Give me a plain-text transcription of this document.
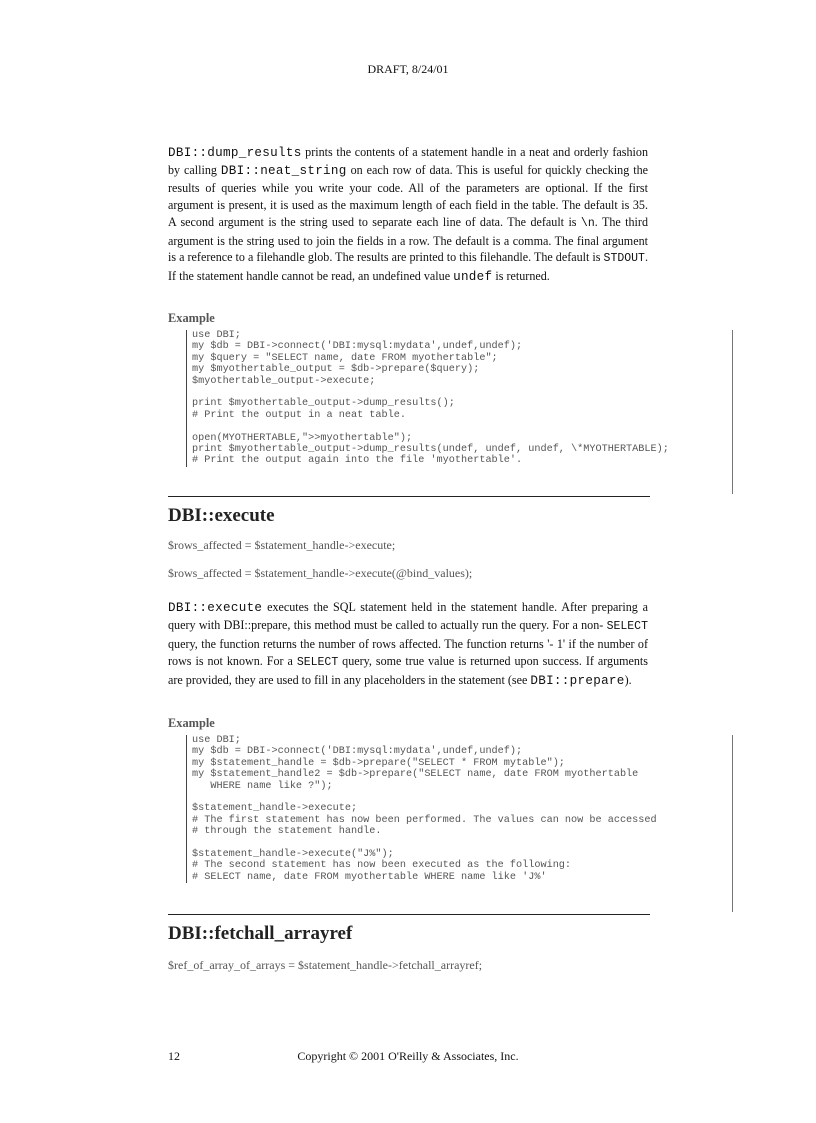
DRAFT, 8/24/01

DBI::dump_results prints the contents of a statement handle in a neat and orderly fashion by calling DBI::neat_string on each row of data. This is useful for quickly checking the results of queries while you write your code. All of the parameters are optional. If the first argument is present, it is used as the maximum length of each field in the table. The default is 35. A second argument is the string used to separate each line of data. The default is \n. The third argument is the string used to join the fields in a row. The default is a comma. The final argument is a reference to a filehandle glob. The results are printed to this filehandle. The default is STDOUT. If the statement handle cannot be read, an undefined value undef is returned.

Example
use DBI;
my $db = DBI->connect('DBI:mysql:mydata',undef,undef);
my $query = "SELECT name, date FROM myothertable";
my $myothertable_output = $db->prepare($query);
$myothertable_output->execute;

print $myothertable_output->dump_results();
# Print the output in a neat table.

open(MYOTHERTABLE,">>myothertable");
print $myothertable_output->dump_results(undef, undef, undef, \*MYOTHERTABLE);
# Print the output again into the file 'myothertable'.
DBI::execute
$rows_affected = $statement_handle->execute;
$rows_affected = $statement_handle->execute(@bind_values);

DBI::execute executes the SQL statement held in the statement handle. After preparing a query with DBI::prepare, this method must be called to actually run the query. For a non- SELECT query, the function returns the number of rows affected. The function returns '- 1' if the number of rows is not known. For a SELECT query, some true value is returned upon success. If arguments are provided, they are used to fill in any placeholders in the statement (see DBI::prepare).

Example
use DBI;
my $db = DBI->connect('DBI:mysql:mydata',undef,undef);
my $statement_handle = $db->prepare("SELECT * FROM mytable");
my $statement_handle2 = $db->prepare("SELECT name, date FROM myothertable
WHERE name like ?");

$statement_handle->execute;
# The first statement has now been performed. The values can now be accessed
# through the statement handle.

$statement_handle->execute("J%");
# The second statement has now been executed as the following:
# SELECT name, date FROM myothertable WHERE name like 'J%'
DBI::fetchall_arrayref
$ref_of_array_of_arrays = $statement_handle->fetchall_arrayref;
12	Copyright © 2001 O'Reilly & Associates, Inc.
